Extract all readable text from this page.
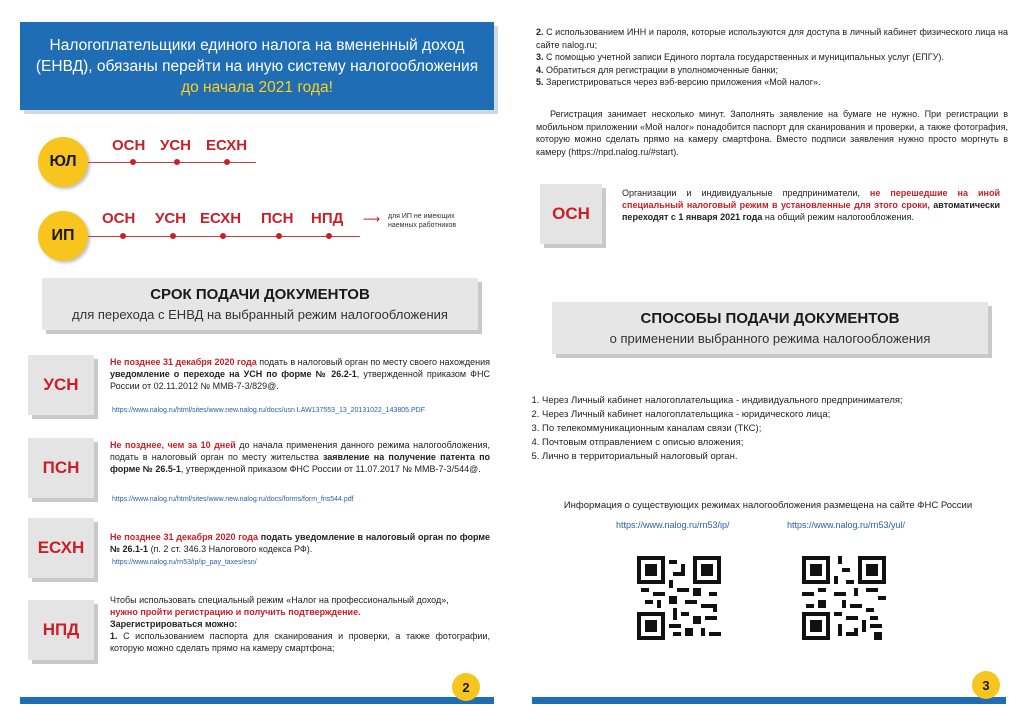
Налогоплательщики единого налога на вмененный доход
(ЕНВД), обязаны перейти на иную систему налогообложения
до начала 2021 года!
ЮЛ
ОСН УСН ЕСХН
ИП
ОСН УСН ЕСХН ПСН НПД ⟶ для ИП не имеющих наемных работников
СРОК ПОДАЧИ ДОКУМЕНТОВ
для перехода с ЕНВД на выбранный режим налогообложения
УСН
Не позднее 31 декабря 2020 года подать в налоговый орган по месту своего нахождения уведомление о переходе на УСН по форме № 26.2-1, утвержденной приказом ФНС России от 02.11.2012 № ММВ-7-3/829@.
https://www.nalog.ru/html/sites/www.new.nalog.ru/docs/usn LAW137553_13_20131022_143805.PDF
ПСН
Не позднее, чем за 10 дней до начала применения данного режима налогообложения, подать в налоговый орган по месту жительства заявление на получение патента по форме № 26.5-1, утвержденной приказом ФНС России от 11.07.2017 № ММВ-7-3/544@.
https://www.nalog.ru/html/sites/www.new.nalog.ru/docs/forms/form_fns544.pdf
ЕСХН
Не позднее 31 декабря 2020 года подать уведомление в налоговый орган по форме № 26.1-1 (п. 2 ст. 346.3 Налогового кодекса РФ).
https://www.nalog.ru/rn53/ip/ip_pay_taxes/esn/
НПД
Чтобы использовать специальный режим «Налог на профессиональный доход»,
нужно пройти регистрацию и получить подтверждение.
Зарегистрироваться можно:
1. С использованием паспорта для сканирования и проверки, а также фотографии, которую можно сделать прямо на камеру смартфона;
2
2. С использованием ИНН и пароля, которые используются для доступа в личный кабинет физического лица на сайте nalog.ru;
3. С помощью учетной записи Единого портала государственных и муниципальных услуг (ЕПГУ).
4. Обратиться для регистрации в уполномоченные банки;
5. Зарегистрироваться через вэб-версию приложения «Мой налог».
Регистрация занимает несколько минут. Заполнять заявление на бумаге не нужно. При регистрации в мобильном приложении «Мой налог» понадобится паспорт для сканирования и проверки, а также фотография, которую можно сделать прямо на камеру смартфона. Вместо подписи заявления нужно просто моргнуть в камеру (https://npd.nalog.ru/#start).
ОСН
Организации и индивидуальные предприниматели, не перешедшие на иной специальный налоговый режим в установленные для этого сроки, автоматически переходят с 1 января 2021 года на общий режим налогообложения.
СПОСОБЫ ПОДАЧИ ДОКУМЕНТОВ
о применении выбранного режима налогообложения
1. Через Личный кабинет налогоплательщика - индивидуального предпринимателя;
2. Через Личный кабинет налогоплательщика - юридического лица;
3. По телекоммуникационным каналам связи (ТКС);
4. Почтовым отправлением с описью вложения;
5. Лично в территориальный налоговый орган.
Информация о существующих режимах налогообложения размещена на сайте ФНС России
https://www.nalog.ru/rn53/ip/	https://www.nalog.ru/rn53/yul/
3
